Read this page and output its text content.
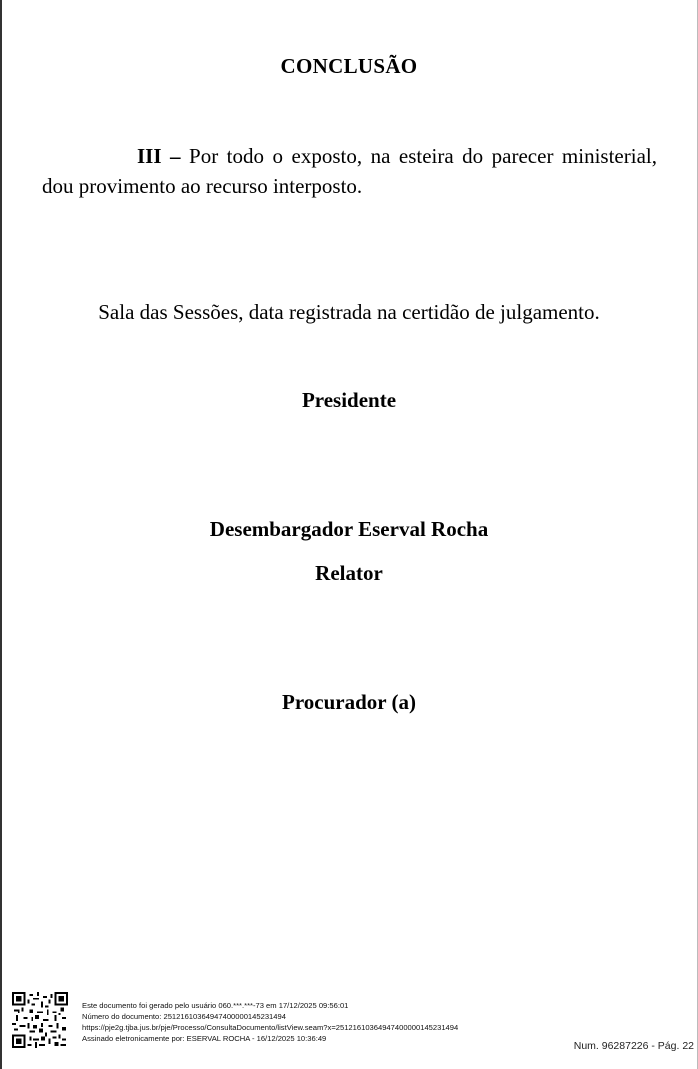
CONCLUSÃO
III – Por todo o exposto, na esteira do parecer ministerial, dou provimento ao recurso interposto.
Sala das Sessões, data registrada na certidão de julgamento.
Presidente
Desembargador Eserval Rocha
Relator
Procurador (a)
Este documento foi gerado pelo usuário 060.***.***-73 em 17/12/2025 09:56:01
Número do documento: 25121610364947400000145231494
https://pje2g.tjba.jus.br/pje/Processo/ConsultaDocumento/listView.seam?x=25121610364947400000145231494
Assinado eletronicamente por: ESERVAL ROCHA - 16/12/2025 10:36:49
Num. 96287226 - Pág. 22
